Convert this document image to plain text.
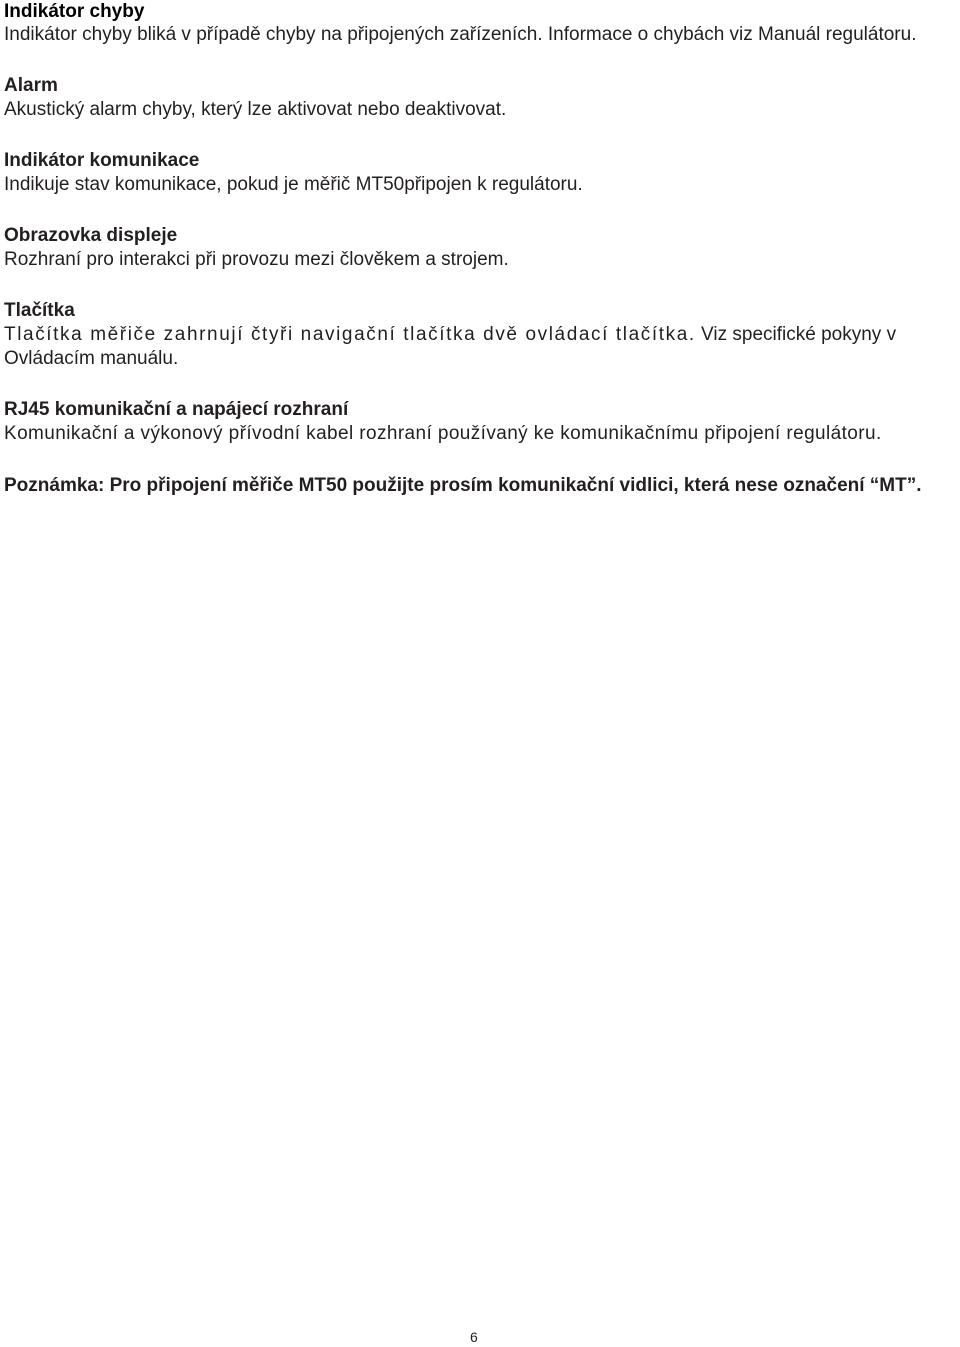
Indikátor chyby
Indikátor chyby bliká v případě chyby na připojených zařízeních. Informace o chybách viz Manuál regulátoru.
Alarm
Akustický alarm chyby, který lze aktivovat nebo deaktivovat.
Indikátor komunikace
Indikuje stav komunikace, pokud je měřič MT50připojen k regulátoru.
Obrazovka displeje
Rozhraní pro interakci při provozu mezi člověkem a strojem.
Tlačítka
Tlačítka měřiče zahrnují čtyři navigační tlačítka dvě ovládací tlačítka. Viz specifické pokyny v Ovládacím manuálu.
RJ45 komunikační a napájecí rozhraní
Komunikační a výkonový přívodní kabel rozhraní používaný ke komunikačnímu připojení regulátoru.
Poznámka: Pro připojení měřiče MT50 použijte prosím komunikační vidlici, která nese označení “MT”.
6
